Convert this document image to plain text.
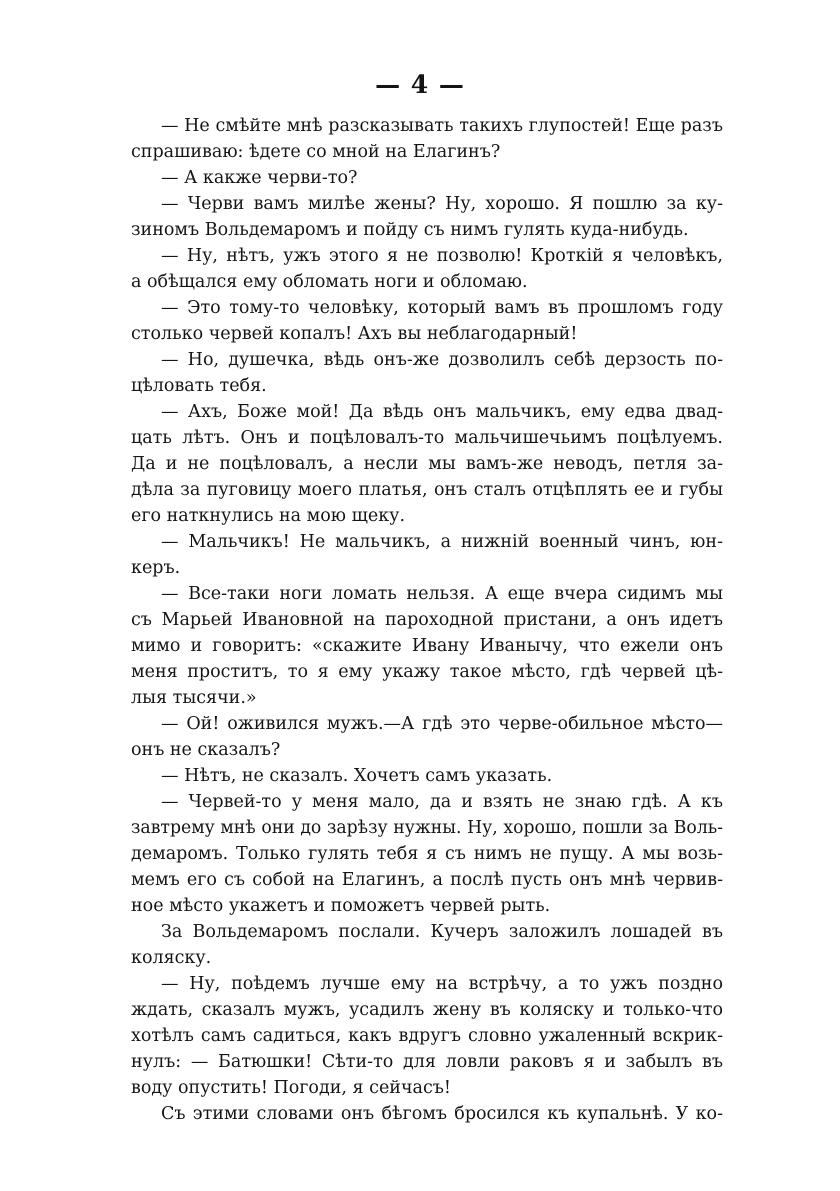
— 4 —
— Не смѣйте мнѣ разсказывать такихъ глупостей! Еще разъ
спрашиваю: ѣдете со мной на Елагинъ?
— А какже черви-то?
— Черви вамъ милѣе жены? Ну, хорошо. Я пошлю за ку-
зиномъ Вольдемаромъ и пойду съ нимъ гулять куда-нибудь.
— Ну, нѣтъ, ужъ этого я не позволю! Кроткій я человѣкъ,
а обѣщался ему обломать ноги и обломаю.
— Это тому-то человѣку, который вамъ въ прошломъ году
столько червей копалъ! Ахъ вы неблагодарный!
— Но, душечка, вѣдь онъ-же дозволилъ себѣ дерзость по-
цѣловать тебя.
— Ахъ, Боже мой! Да вѣдь онъ мальчикъ, ему едва двад-
цать лѣтъ. Онъ и поцѣловалъ-то мальчишечьимъ поцѣлуемъ.
Да и не поцѣловалъ, а несли мы вамъ-же неводъ, петля за-
дѣла за пуговицу моего платья, онъ сталъ отцѣплять ее и губы
его наткнулись на мою щеку.
— Мальчикъ! Не мальчикъ, а нижній военный чинъ, юн-
керъ.
— Все-таки ноги ломать нельзя. А еще вчера сидимъ мы
съ Марьей Ивановной на пароходной пристани, а онъ идетъ
мимо и говоритъ: «скажите Ивану Иванычу, что ежели онъ
меня проститъ, то я ему укажу такое мѣсто, гдѣ червей цѣ-
лыя тысячи.»
— Ой! оживился мужъ.—А гдѣ это черве-обильное мѣсто—
онъ не сказалъ?
— Нѣтъ, не сказалъ. Хочетъ самъ указать.
— Червей-то у меня мало, да и взять не знаю гдѣ. А къ
завтрему мнѣ они до зарѣзу нужны. Ну, хорошо, пошли за Воль-
демаромъ. Только гулять тебя я съ нимъ не пущу. А мы возь-
мемъ его съ собой на Елагинъ, а послѣ пусть онъ мнѣ червив-
ное мѣсто укажетъ и поможетъ червей рыть.
За Вольдемаромъ послали. Кучеръ заложилъ лошадей въ
коляску.
— Ну, поѣдемъ лучше ему на встрѣчу, а то ужъ поздно
ждать, сказалъ мужъ, усадилъ жену въ коляску и только-что
хотѣлъ самъ садиться, какъ вдругъ словно ужаленный вскрик-
нулъ: — Батюшки! Сѣти-то для ловли раковъ я и забылъ въ
воду опустить! Погоди, я сейчасъ!
Съ этими словами онъ бѣгомъ бросился къ купальнѣ. У ко-
